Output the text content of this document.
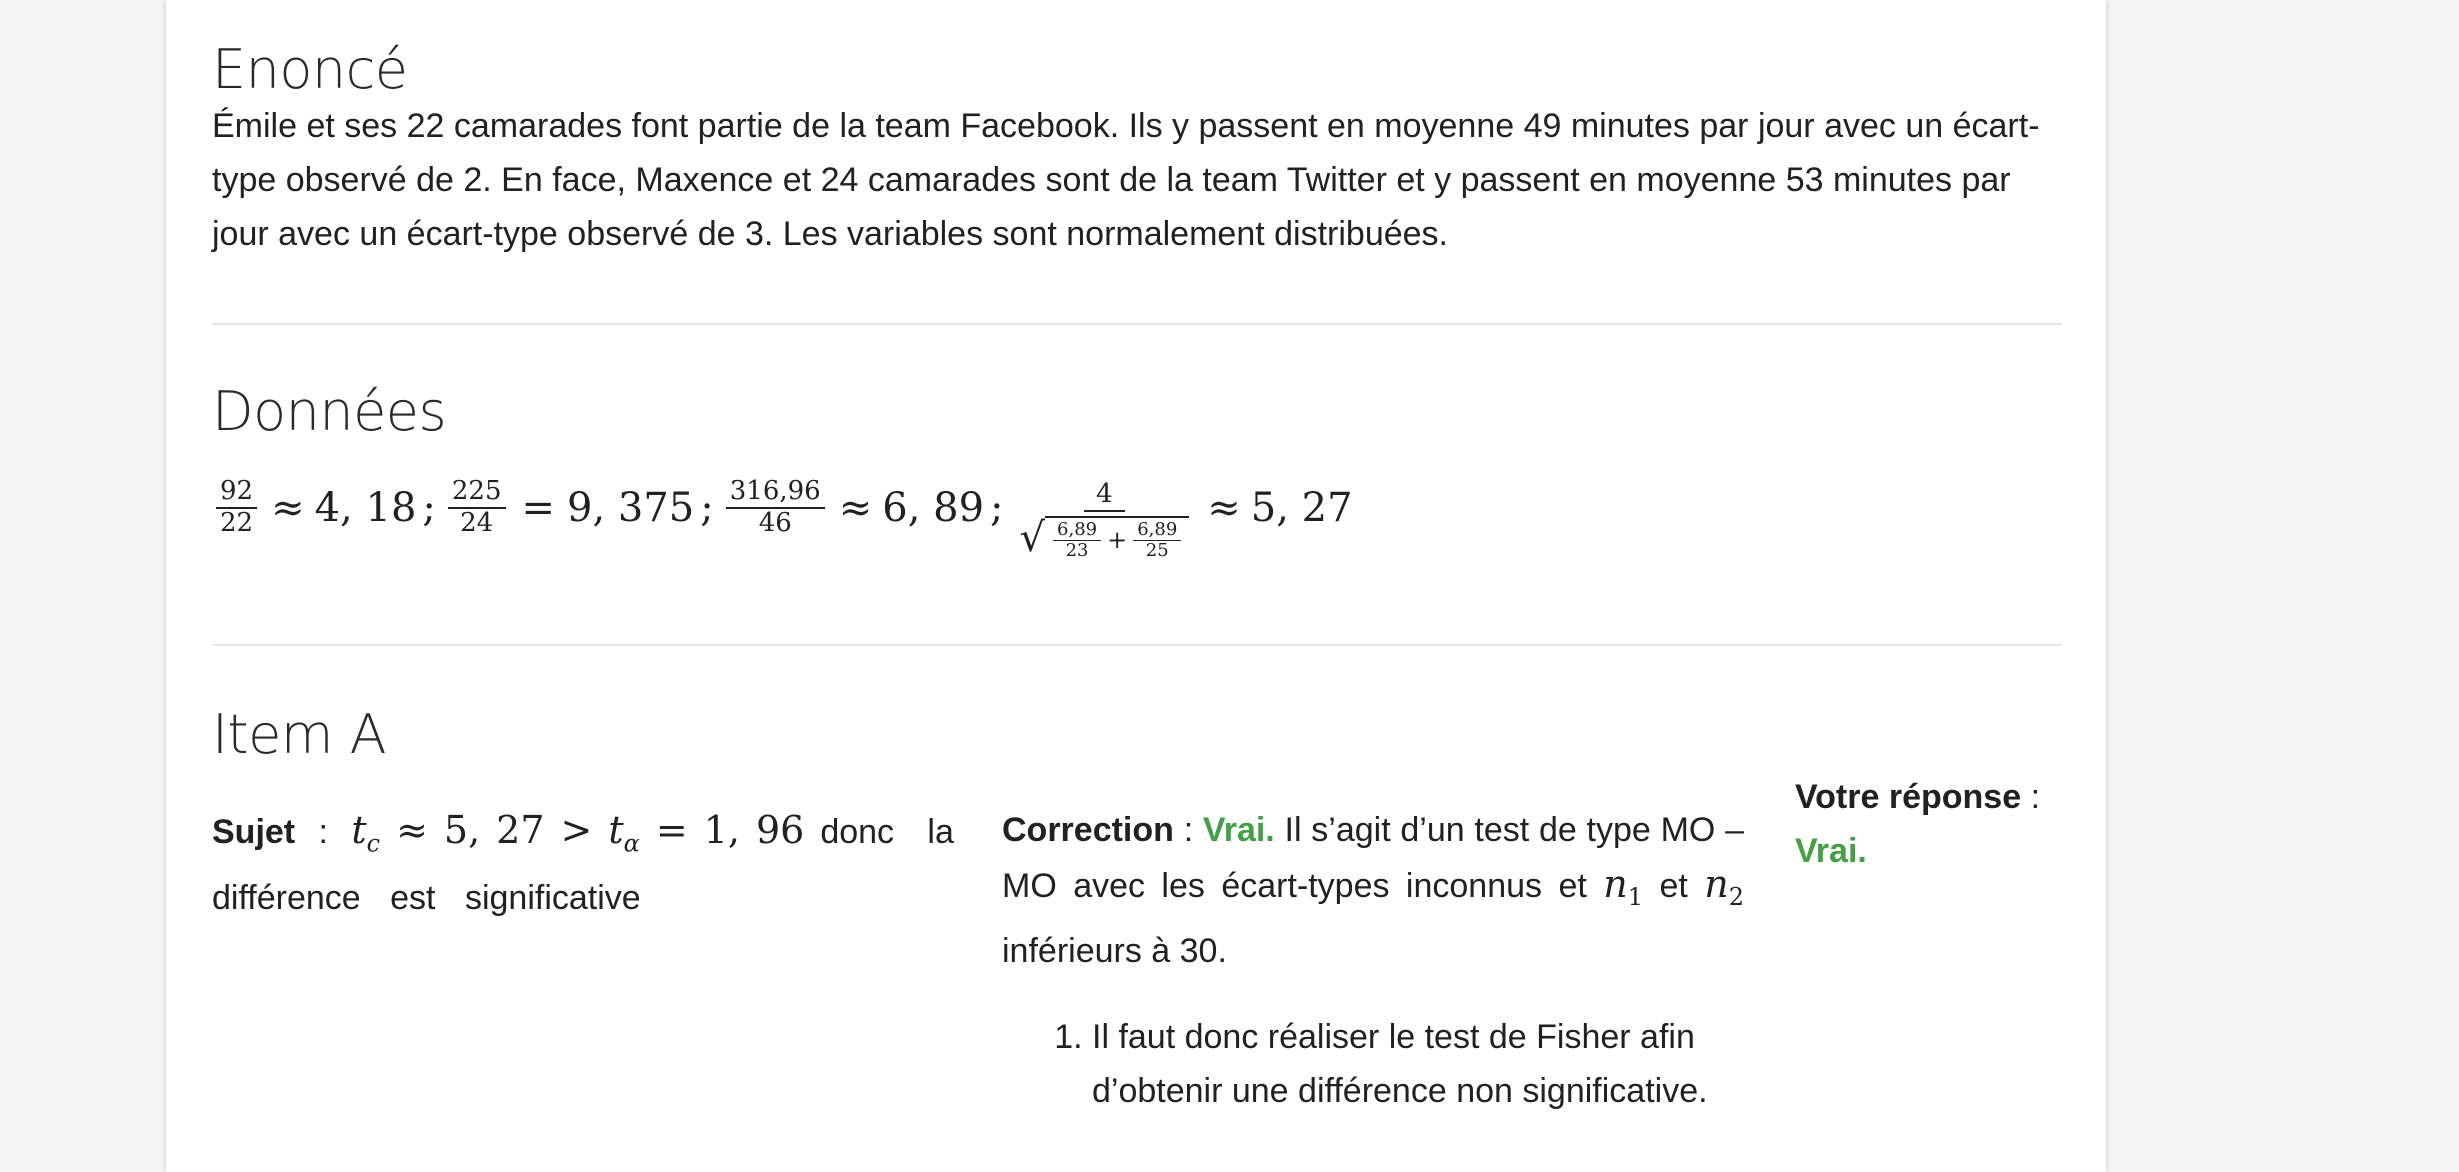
Enoncé

Émile et ses 22 camarades font partie de la team Facebook. Ils y passent en moyenne 49 minutes par jour avec un écart-type observé de 2. En face, Maxence et 24 camarades sont de la team Twitter et y passent en moyenne 53 minutes par jour avec un écart-type observé de 3. Les variables sont normalement distribuées.

Données
$\frac{92}{22} \approx 4$, 18 ; $\frac{225}{24} = 9$, 375 ; $\frac{316,96}{46} \approx 6$, 89 ;	4
√ $\frac{6,89}{23} + \frac{6,89}{25}$
≈ 5, 27
Item A

Sujet : $t_c \approx 5$, $27 > t_\alpha = 1$, 96 donc la différence est significative

Correction : Vrai. Il s’agit d’un test de type MO – MO avec les écart-types inconnus et $n_1$ et $n_2$ inférieurs à 30.

1. Il faut donc réaliser le test de Fisher afin d’obtenir une différence non significative.

Votre réponse :
Vrai.
